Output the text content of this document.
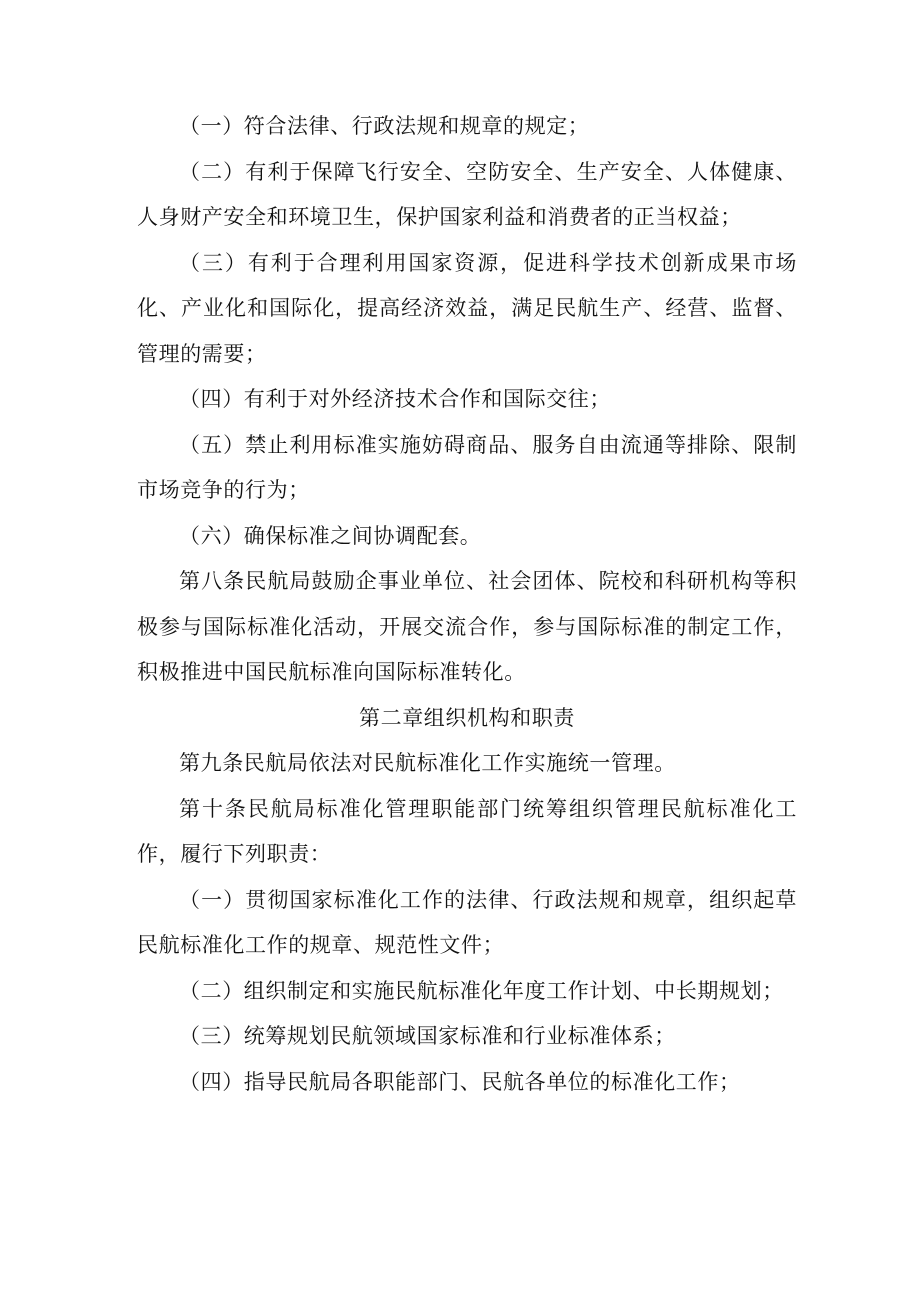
（一）符合法律、行政法规和规章的规定；

（二）有利于保障飞行安全、空防安全、生产安全、人体健康、人身财产安全和环境卫生，保护国家利益和消费者的正当权益；

（三）有利于合理利用国家资源，促进科学技术创新成果市场化、产业化和国际化，提高经济效益，满足民航生产、经营、监督、管理的需要；

（四）有利于对外经济技术合作和国际交往；

（五）禁止利用标准实施妨碍商品、服务自由流通等排除、限制市场竞争的行为；

（六）确保标准之间协调配套。

第八条民航局鼓励企事业单位、社会团体、院校和科研机构等积极参与国际标准化活动，开展交流合作，参与国际标准的制定工作，积极推进中国民航标准向国际标准转化。

第二章组织机构和职责

第九条民航局依法对民航标准化工作实施统一管理。

第十条民航局标准化管理职能部门统筹组织管理民航标准化工作，履行下列职责：

（一）贯彻国家标准化工作的法律、行政法规和规章，组织起草民航标准化工作的规章、规范性文件；

（二）组织制定和实施民航标准化年度工作计划、中长期规划；

（三）统筹规划民航领域国家标准和行业标准体系；

（四）指导民航局各职能部门、民航各单位的标准化工作；
